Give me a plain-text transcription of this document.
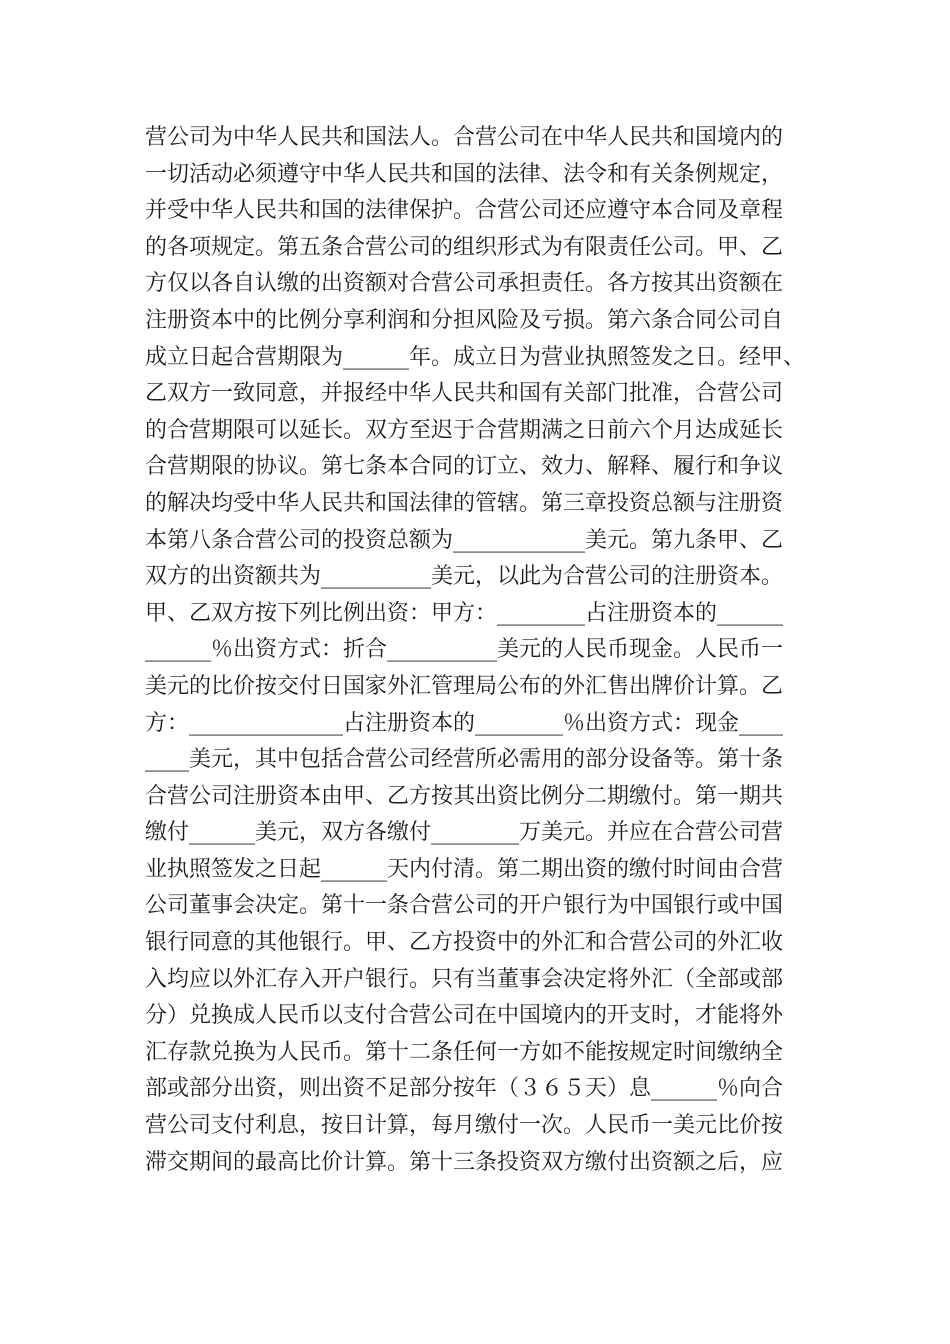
营公司为中华人民共和国法人。合营公司在中华人民共和国境内的
一切活动必须遵守中华人民共和国的法律、法令和有关条例规定，
并受中华人民共和国的法律保护。合营公司还应遵守本合同及章程
的各项规定。第五条合营公司的组织形式为有限责任公司。甲、乙
方仅以各自认缴的出资额对合营公司承担责任。各方按其出资额在
注册资本中的比例分享利润和分担风险及亏损。第六条合同公司自
成立日起合营期限为______年。成立日为营业执照签发之日。经甲、
乙双方一致同意，并报经中华人民共和国有关部门批准，合营公司
的合营期限可以延长。双方至迟于合营期满之日前六个月达成延长
合营期限的协议。第七条本合同的订立、效力、解释、履行和争议
的解决均受中华人民共和国法律的管辖。第三章投资总额与注册资
本第八条合营公司的投资总额为____________美元。第九条甲、乙
双方的出资额共为__________美元，以此为合营公司的注册资本。
甲、乙双方按下列比例出资：甲方：________占注册资本的______
______％出资方式：折合__________美元的人民币现金。人民币一
美元的比价按交付日国家外汇管理局公布的外汇售出牌价计算。乙
方：______________占注册资本的________％出资方式：现金____
____美元，其中包括合营公司经营所必需用的部分设备等。第十条
合营公司注册资本由甲、乙方按其出资比例分二期缴付。第一期共
缴付______美元，双方各缴付________万美元。并应在合营公司营
业执照签发之日起______天内付清。第二期出资的缴付时间由合营
公司董事会决定。第十一条合营公司的开户银行为中国银行或中国
银行同意的其他银行。甲、乙方投资中的外汇和合营公司的外汇收
入均应以外汇存入开户银行。只有当董事会决定将外汇（全部或部
分）兑换成人民币以支付合营公司在中国境内的开支时，才能将外
汇存款兑换为人民币。第十二条任何一方如不能按规定时间缴纳全
部或部分出资，则出资不足部分按年（３６５天）息______％向合
营公司支付利息，按日计算，每月缴付一次。人民币一美元比价按
滞交期间的最高比价计算。第十三条投资双方缴付出资额之后，应
